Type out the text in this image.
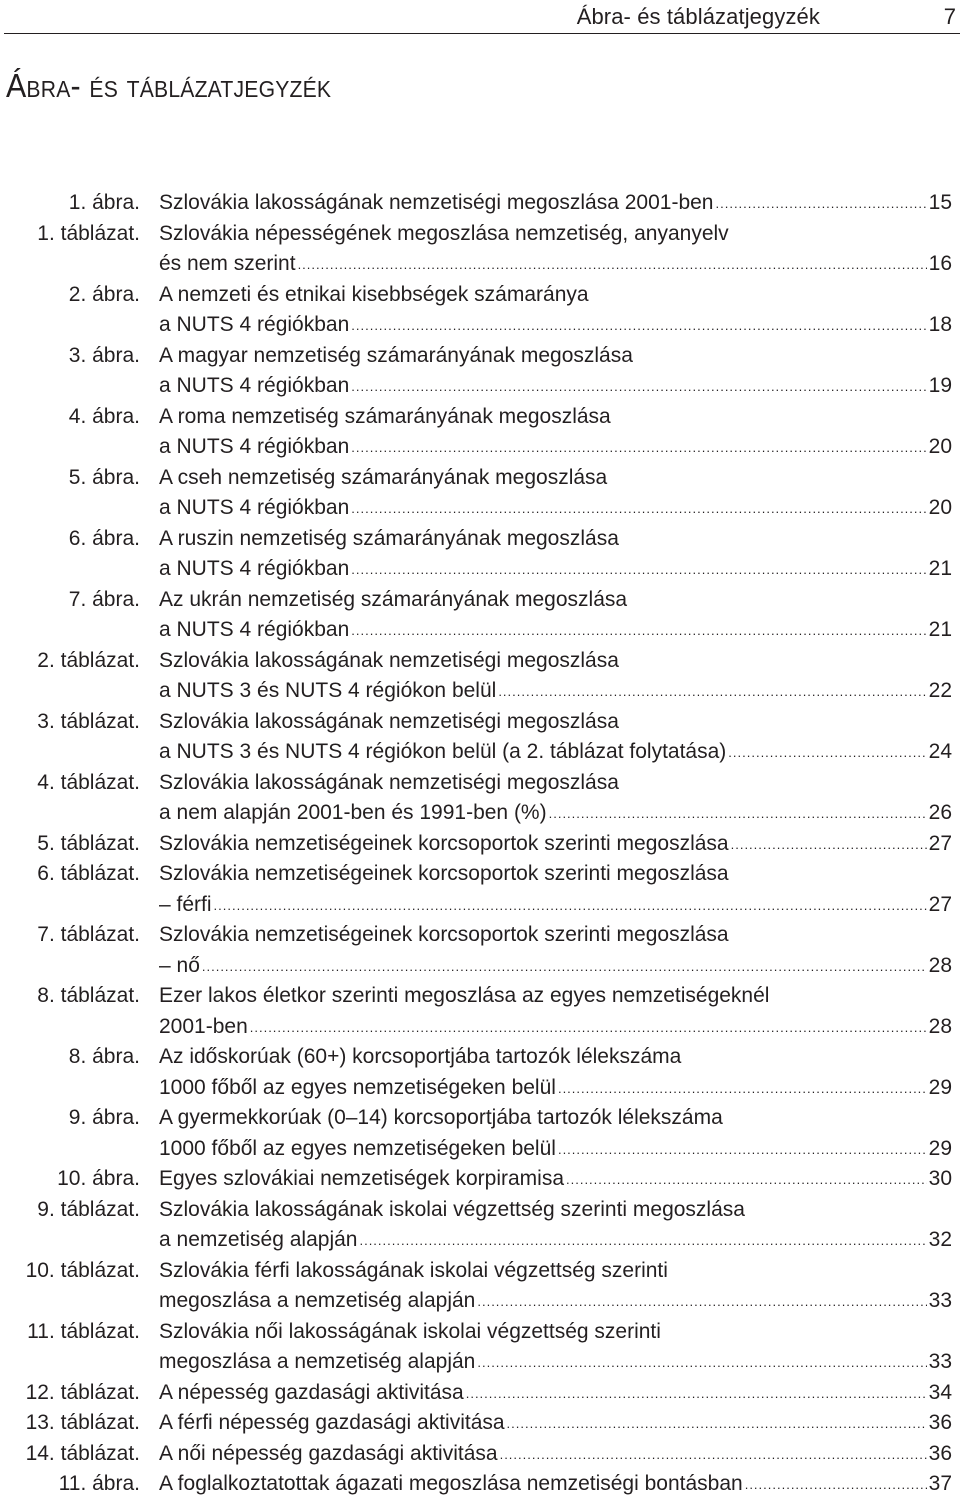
Ábra- és táblázatjegyzék	7
Ábra- és táblázatjegyzék
1. ábra. Szlovákia lakosságának nemzetiségi megoszlása 2001-ben .....	15
1. táblázat. Szlovákia népességének megoszlása nemzetiség, anyanyelv
és nem szerint .....	16
2. ábra. A nemzeti és etnikai kisebbségek számaránya
a NUTS 4 régiókban .....	18
3. ábra. A magyar nemzetiség számarányának megoszlása
a NUTS 4 régiókban .....	19
4. ábra. A roma nemzetiség számarányának megoszlása
a NUTS 4 régiókban .....	20
5. ábra. A cseh nemzetiség számarányának megoszlása
a NUTS 4 régiókban .....	20
6. ábra. A ruszin nemzetiség számarányának megoszlása
a NUTS 4 régiókban .....	21
7. ábra. Az ukrán nemzetiség számarányának megoszlása
a NUTS 4 régiókban .....	21
2. táblázat. Szlovákia lakosságának nemzetiségi megoszlása
a NUTS 3 és NUTS 4 régiókon belül .....	22
3. táblázat. Szlovákia lakosságának nemzetiségi megoszlása
a NUTS 3 és NUTS 4 régiókon belül (a 2. táblázat folytatása) .....	24
4. táblázat. Szlovákia lakosságának nemzetiségi megoszlása
a nem alapján 2001-ben és 1991-ben (%) .....	26
5. táblázat. Szlovákia nemzetiségeinek korcsoportok szerinti megoszlása .....	27
6. táblázat. Szlovákia nemzetiségeinek korcsoportok szerinti megoszlása
– férfi .....	27
7. táblázat. Szlovákia nemzetiségeinek korcsoportok szerinti megoszlása
– nő .....	28
8. táblázat. Ezer lakos életkor szerinti megoszlása az egyes nemzetiségeknél
2001-ben .....	28
8. ábra. Az időskorúak (60+) korcsoportjába tartozók lélekszáma
1000 főből az egyes nemzetiségeken belül .....	29
9. ábra. A gyermekkorúak (0–14) korcsoportjába tartozók lélekszáma
1000 főből az egyes nemzetiségeken belül .....	29
10. ábra. Egyes szlovákiai nemzetiségek korpiramisa .....	30
9. táblázat. Szlovákia lakosságának iskolai végzettség szerinti megoszlása
a nemzetiség alapján .....	32
10. táblázat. Szlovákia férfi lakosságának iskolai végzettség szerinti
megoszlása a nemzetiség alapján .....	33
11. táblázat. Szlovákia női lakosságának iskolai végzettség szerinti
megoszlása a nemzetiség alapján .....	33
12. táblázat. A népesség gazdasági aktivitása .....	34
13. táblázat. A férfi népesség gazdasági aktivitása .....	36
14. táblázat. A női népesség gazdasági aktivitása .....	36
11. ábra. A foglalkoztatottak ágazati megoszlása nemzetiségi bontásban .....	37
